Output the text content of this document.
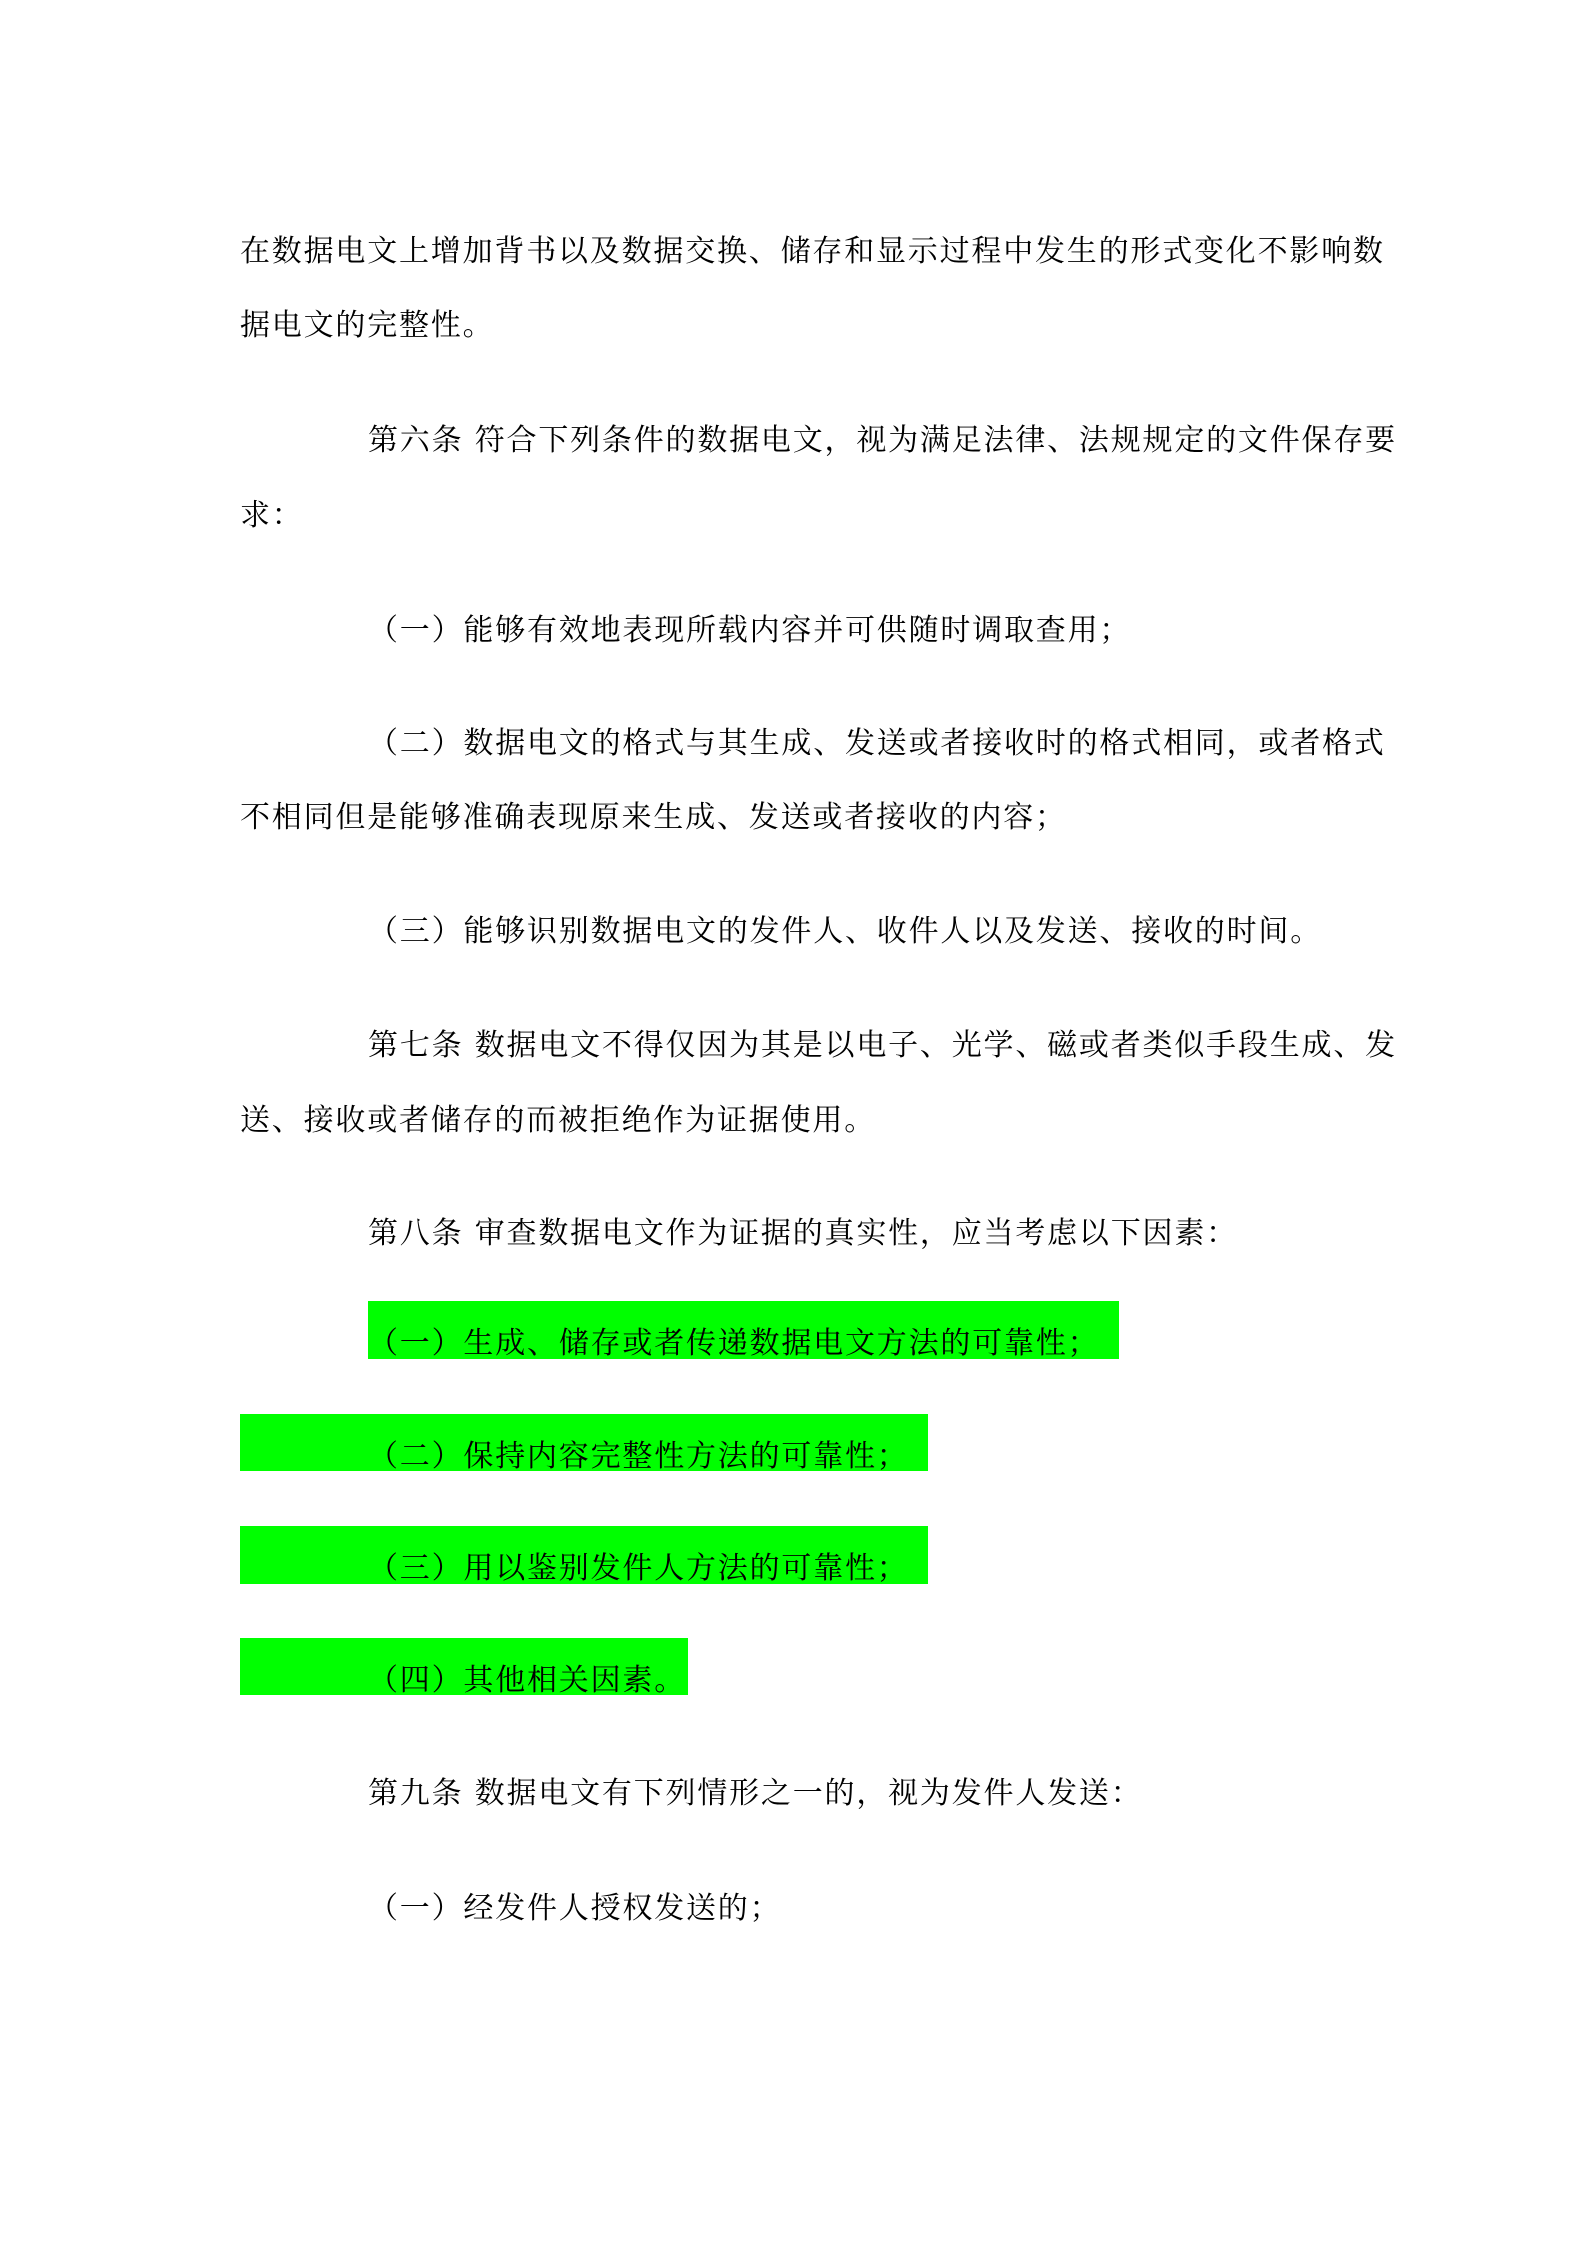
在数据电文上增加背书以及数据交换、储存和显示过程中发生的形式变化不影响数
据电文的完整性。
第六条 符合下列条件的数据电文，视为满足法律、法规规定的文件保存要
求：
（一）能够有效地表现所载内容并可供随时调取查用；
（二）数据电文的格式与其生成、发送或者接收时的格式相同，或者格式
不相同但是能够准确表现原来生成、发送或者接收的内容；
（三）能够识别数据电文的发件人、收件人以及发送、接收的时间。
第七条 数据电文不得仅因为其是以电子、光学、磁或者类似手段生成、发
送、接收或者储存的而被拒绝作为证据使用。
第八条 审查数据电文作为证据的真实性，应当考虑以下因素：
（一）生成、储存或者传递数据电文方法的可靠性；
（二）保持内容完整性方法的可靠性；
（三）用以鉴别发件人方法的可靠性；
（四）其他相关因素。
第九条 数据电文有下列情形之一的，视为发件人发送：
（一）经发件人授权发送的；
